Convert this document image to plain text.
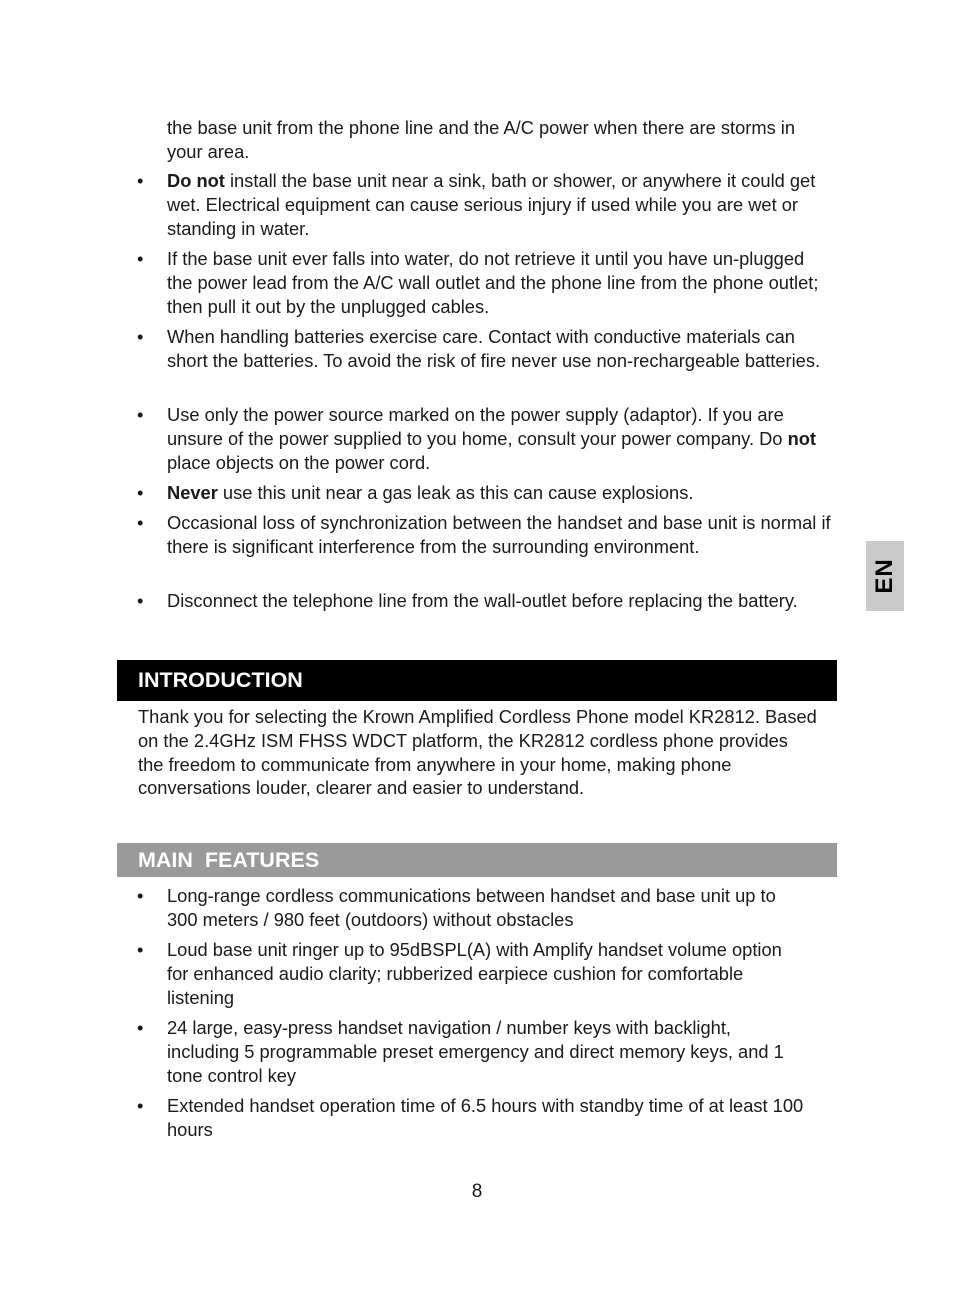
the base unit from the phone line and the A/C power when there are storms in your area.
• Do not install the base unit near a sink, bath or shower, or anywhere it could get wet. Electrical equipment can cause serious injury if used while you are wet or standing in water.
• If the base unit ever falls into water, do not retrieve it until you have un-plugged the power lead from the A/C wall outlet and the phone line from the phone outlet; then pull it out by the unplugged cables.
• When handling batteries exercise care. Contact with conductive materials can short the batteries. To avoid the risk of fire never use non-rechargeable batteries.
• Use only the power source marked on the power supply (adaptor). If you are unsure of the power supplied to you home, consult your power company. Do not place objects on the power cord.
• Never use this unit near a gas leak as this can cause explosions.
• Occasional loss of synchronization between the handset and base unit is normal if there is significant interference from the surrounding environment.
• Disconnect the telephone line from the wall-outlet before replacing the battery.
INTRODUCTION
Thank you for selecting the Krown Amplified Cordless Phone model KR2812. Based on the 2.4GHz ISM FHSS WDCT platform, the KR2812 cordless phone provides the freedom to communicate from anywhere in your home, making phone conversations louder, clearer and easier to understand.
MAIN  FEATURES
• Long-range cordless communications between handset and base unit up to 300 meters / 980 feet (outdoors) without obstacles
• Loud base unit ringer up to 95dBSPL(A) with Amplify handset volume option for enhanced audio clarity; rubberized earpiece cushion for comfortable listening
• 24 large, easy-press handset navigation / number keys with backlight, including 5 programmable preset emergency and direct memory keys, and 1 tone control key
• Extended handset operation time of 6.5 hours with standby time of at least 100 hours
EN
8
